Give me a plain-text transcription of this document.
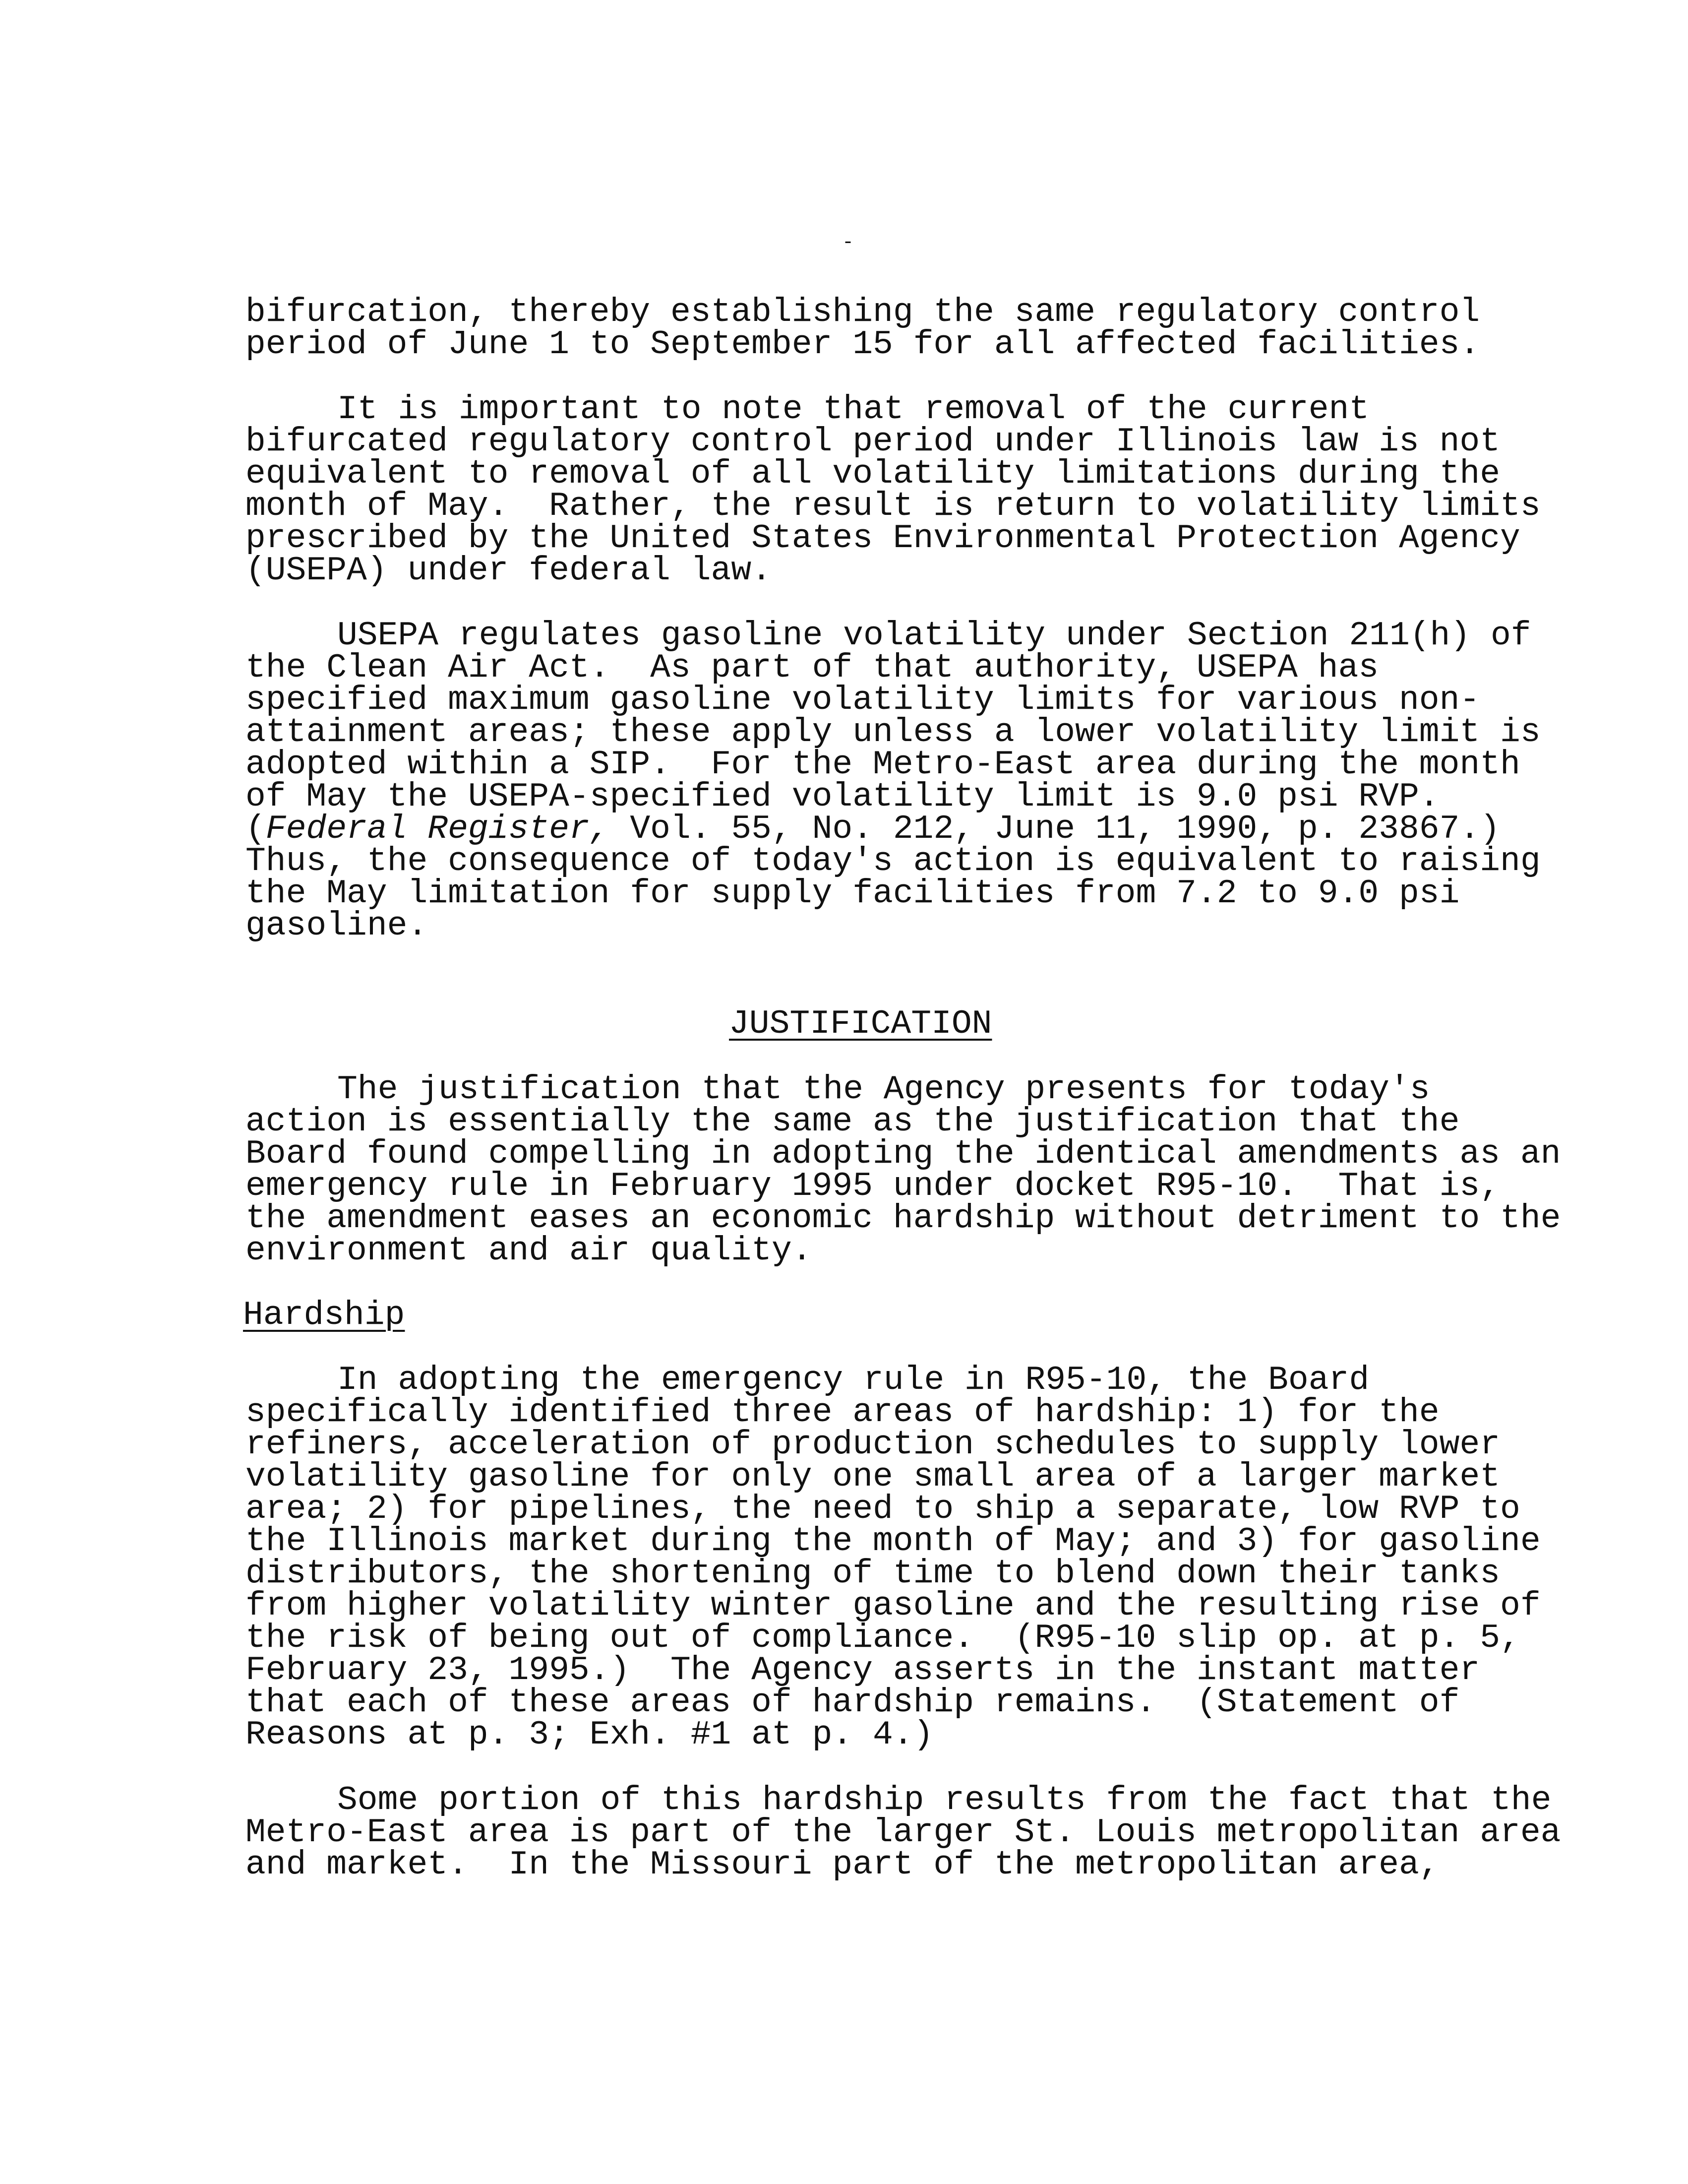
-
bifurcation, thereby establishing the same regulatory control
period of June 1 to September 15 for all affected facilities.
It is important to note that removal of the current
bifurcated regulatory control period under Illinois law is not
equivalent to removal of all volatility limitations during the
month of May.  Rather, the result is return to volatility limits
prescribed by the United States Environmental Protection Agency
(USEPA) under federal law.
USEPA regulates gasoline volatility under Section 211(h) of
the Clean Air Act.  As part of that authority, USEPA has
specified maximum gasoline volatility limits for various non-
attainment areas; these apply unless a lower volatility limit is
adopted within a SIP.  For the Metro-East area during the month
of May the USEPA-specified volatility limit is 9.0 psi RVP.
(Federal Register, Vol. 55, No. 212, June 11, 1990, p. 23867.)
Thus, the consequence of today's action is equivalent to raising
the May limitation for supply facilities from 7.2 to 9.0 psi
gasoline.
JUSTIFICATION
The justification that the Agency presents for today's
action is essentially the same as the justification that the
Board found compelling in adopting the identical amendments as an
emergency rule in February 1995 under docket R95-10.  That is,
the amendment eases an economic hardship without detriment to the
environment and air quality.
Hardship
In adopting the emergency rule in R95-10, the Board
specifically identified three areas of hardship: 1) for the
refiners, acceleration of production schedules to supply lower
volatility gasoline for only one small area of a larger market
area; 2) for pipelines, the need to ship a separate, low RVP to
the Illinois market during the month of May; and 3) for gasoline
distributors, the shortening of time to blend down their tanks
from higher volatility winter gasoline and the resulting rise of
the risk of being out of compliance.  (R95-10 slip op. at p. 5,
February 23, 1995.)  The Agency asserts in the instant matter
that each of these areas of hardship remains.  (Statement of
Reasons at p. 3; Exh. #1 at p. 4.)
Some portion of this hardship results from the fact that the
Metro-East area is part of the larger St. Louis metropolitan area
and market.  In the Missouri part of the metropolitan area,
